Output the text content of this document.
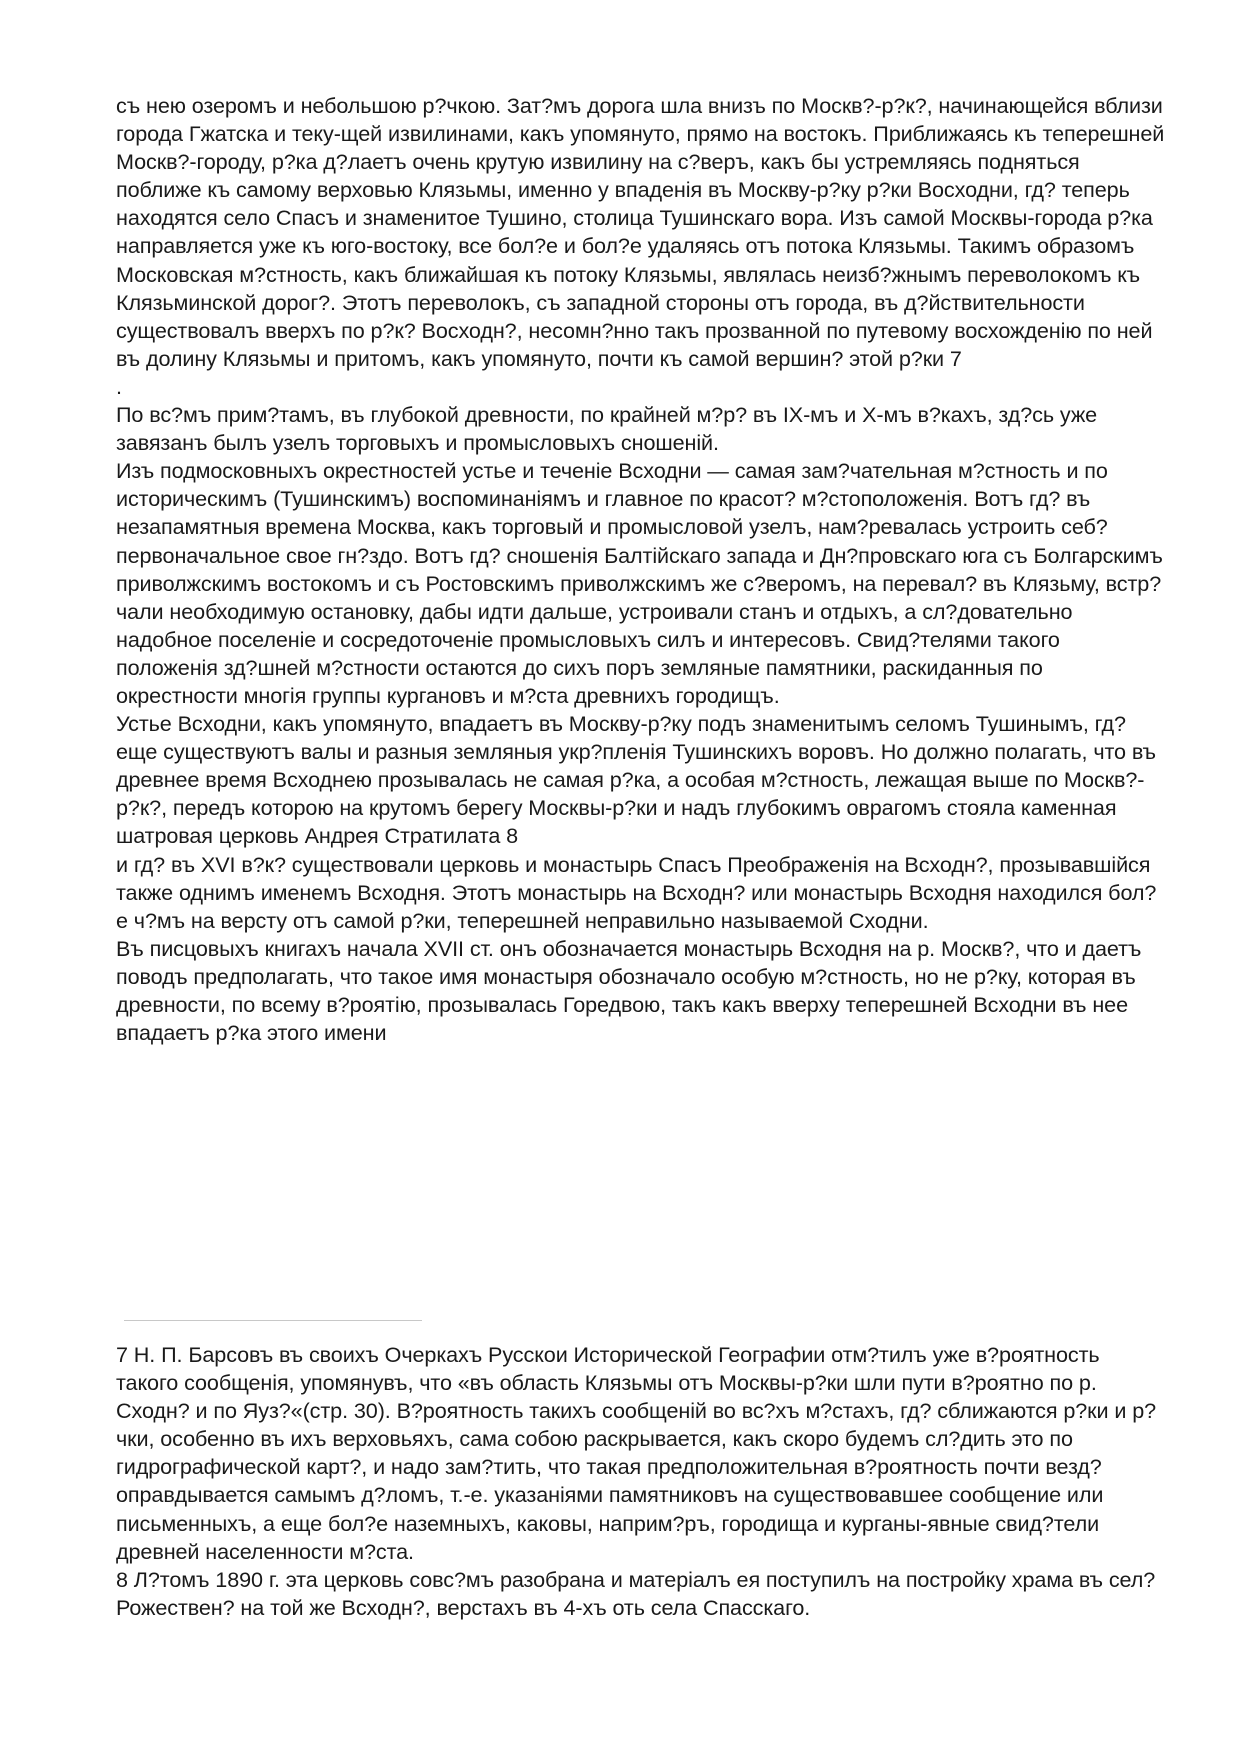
съ нею озеромъ и небольшою р?чкою. Зат?мъ дорога шла внизъ по Москв?-р?к?, начинающейся вблизи города Гжатска и теку-щей извилинами, какъ упомянуто, прямо на востокъ. Приближаясь къ теперешней Москв?-городу, р?ка д?лаетъ очень крутую извилину на с?веръ, какъ бы устремляясь подняться поближе къ самому верховью Клязьмы, именно у впаденія въ Москву-р?ку р?ки Восходни, гд? теперь находятся село Спасъ и знаменитое Тушино, столица Тушинскаго вора. Изъ самой Москвы-города р?ка направляется уже къ юго-востоку, все бол?е и бол?е удаляясь отъ потока Клязьмы. Такимъ образомъ Московская м?стность, какъ ближайшая къ потоку Клязьмы, являлась неизб?жнымъ переволокомъ къ Клязьминской дорог?. Этотъ переволокъ, съ западной стороны отъ города, въ д?йствительности существовалъ вверхъ по р?к? Восходн?, несомн?нно такъ прозванной по путевому восхожденію по ней въ долину Клязьмы и притомъ, какъ упомянуто, почти къ самой вершин? этой р?ки 7

.

По вс?мъ прим?тамъ, въ глубокой древности, по крайней м?р? въ IX-мъ и X-мъ в?кахъ, зд?сь уже завязанъ былъ узелъ торговыхъ и промысловыхъ сношеній.

Изъ подмосковныхъ окрестностей устье и теченіе Всходни — самая зам?чательная м?стность и по историческимъ (Тушинскимъ) воспоминаніямъ и главное по красот? м?стоположенія. Вотъ гд? въ незапамятныя времена Москва, какъ торговый и промысловой узелъ, нам?ревалась устроить себ? первоначальное свое гн?здо. Вотъ гд? сношенія Балтійскаго запада и Дн?провскаго юга съ Болгарскимъ приволжскимъ востокомъ и съ Ростовскимъ приволжскимъ же с?веромъ, на перевал? въ Клязьму, встр?чали необходимую остановку, дабы идти дальше, устроивали станъ и отдыхъ, а сл?довательно надобное поселеніе и сосредоточеніе промысловыхъ силъ и интересовъ. Свид?телями такого положенія зд?шней м?стности остаются до сихъ поръ земляные памятники, раскиданныя по окрестности многія группы кургановъ и м?ста древнихъ городищъ.

Устье Всходни, какъ упомянуто, впадаетъ въ Москву-р?ку подъ знаменитымъ селомъ Тушинымъ, гд? еще существуютъ валы и разныя земляныя укр?пленія Тушинскихъ воровъ. Но должно полагать, что въ древнее время Всходнею прозывалась не самая р?ка, а особая м?стность, лежащая выше по Москв?-р?к?, передъ которою на крутомъ берегу Москвы-р?ки и надъ глубокимъ оврагомъ стояла каменная шатровая церковь Андрея Стратилата 8

и гд? въ XVI в?к? существовали церковь и монастырь Спасъ Преображенія на Всходн?, прозывавшійся также однимъ именемъ Всходня. Этотъ монастырь на Всходн? или монастырь Всходня находился бол?е ч?мъ на версту отъ самой р?ки, теперешней неправильно называемой Сходни.

Въ писцовыхъ книгахъ начала XVII ст. онъ обозначается монастырь Всходня на р. Москв?, что и даетъ поводъ предполагать, что такое имя монастыря обозначало особую м?стность, но не р?ку, которая въ древности, по всему в?роятію, прозывалась Горедвою, такъ какъ вверху теперешней Всходни въ нее впадаетъ р?ка этого имени

7 Н. П. Барсовъ въ своихъ Очеркахъ Русскои Исторической Географии отм?тилъ уже в?роятность такого сообщенія, упомянувъ, что «въ область Клязьмы отъ Москвы-р?ки шли пути в?роятно по р. Сходн? и по Яуз?«(стр. 30). В?роятность такихъ сообщеній во вс?хъ м?стахъ, гд? сближаются р?ки и р?чки, особенно въ ихъ верховьяхъ, сама собою раскрывается, какъ скоро будемъ сл?дить это по гидрографической карт?, и надо зам?тить, что такая предположительная в?роятность почти везд? оправдывается самымъ д?ломъ, т.-е. указаніями памятниковъ на существовавшее сообщение или письменныхъ, а еще бол?е наземныхъ, каковы, наприм?ръ, городища и курганы-явные свид?тели древней населенности м?ста.

8 Л?томъ 1890 г. эта церковь совс?мъ разобрана и матеріалъ ея поступилъ на постройку храма въ сел? Рожествен? на той же Всходн?, верстахъ въ 4-хъ оть села Спасскаго.
